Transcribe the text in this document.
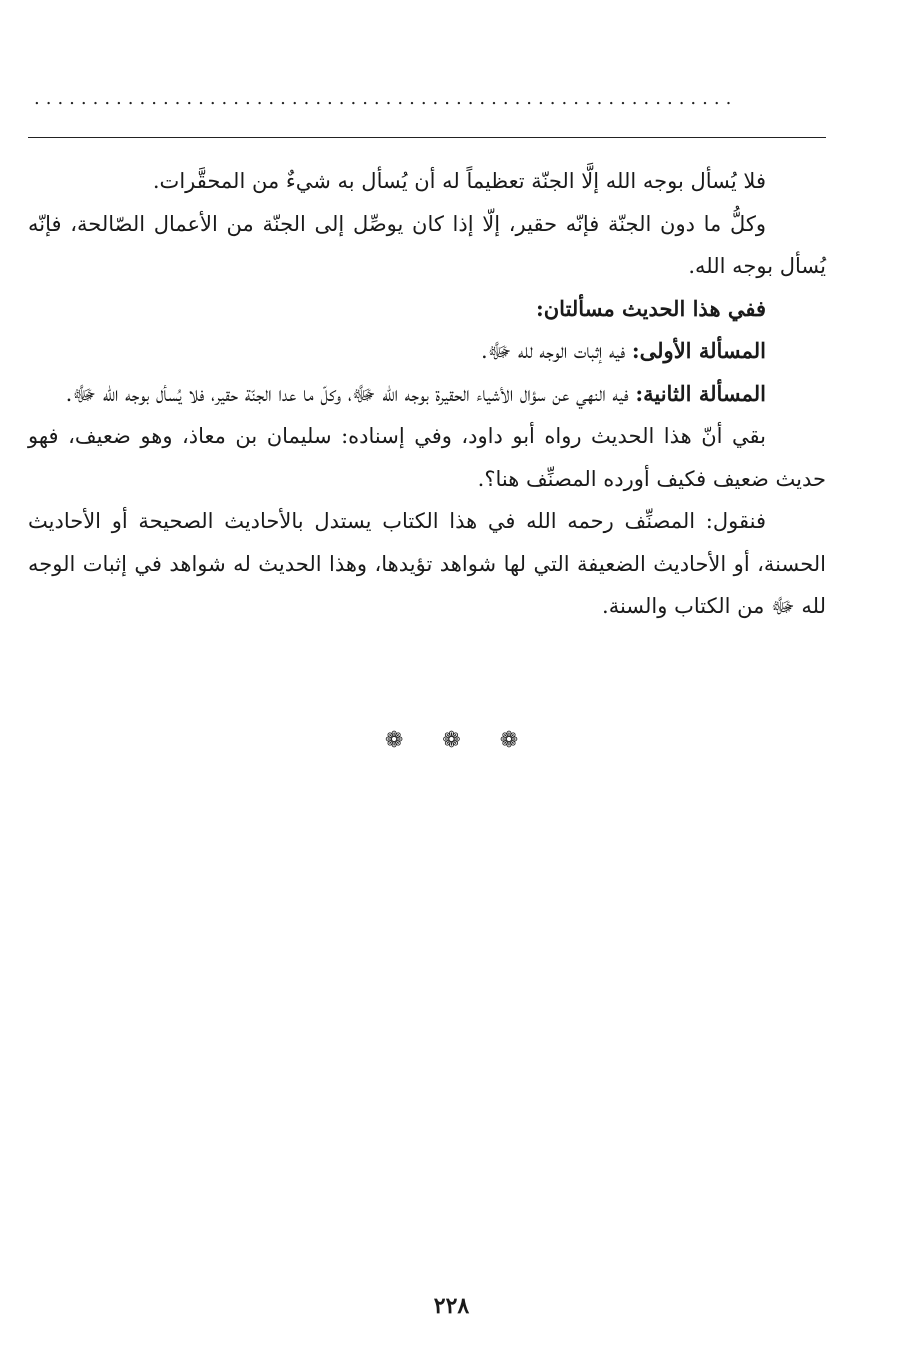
............................................................

فلا يُسأل بوجه الله إلَّا الجنّة تعظيماً له أن يُسأل به شيءٌ من المحقَّرات.

وكلُّ ما دون الجنّة فإنّه حقير، إلّا إذا كان يوصِّل إلى الجنّة من الأعمال الصّالحة، فإنّه يُسأل بوجه الله.

ففي هذا الحديث مسألتان:

المسألة الأولى: فيه إثبات الوجه لله ﷻ.

المسألة الثانية: فيه النهي عن سؤال الأشياء الحقيرة بوجه الله ﷻ، وكلّ ما عدا الجنّة حقير، فلا يُسأل بوجه الله ﷻ.

بقي أنّ هذا الحديث رواه أبو داود، وفي إسناده: سليمان بن معاذ، وهو ضعيف، فهو حديث ضعيف فكيف أورده المصنِّف هنا؟.

فنقول: المصنِّف رحمه الله في هذا الكتاب يستدل بالأحاديث الصحيحة أو الأحاديث الحسنة، أو الأحاديث الضعيفة التي لها شواهد تؤيدها، وهذا الحديث له شواهد في إثبات الوجه لله ﷻ من الكتاب والسنة.

❁ ❁ ❁
٢٢٨
